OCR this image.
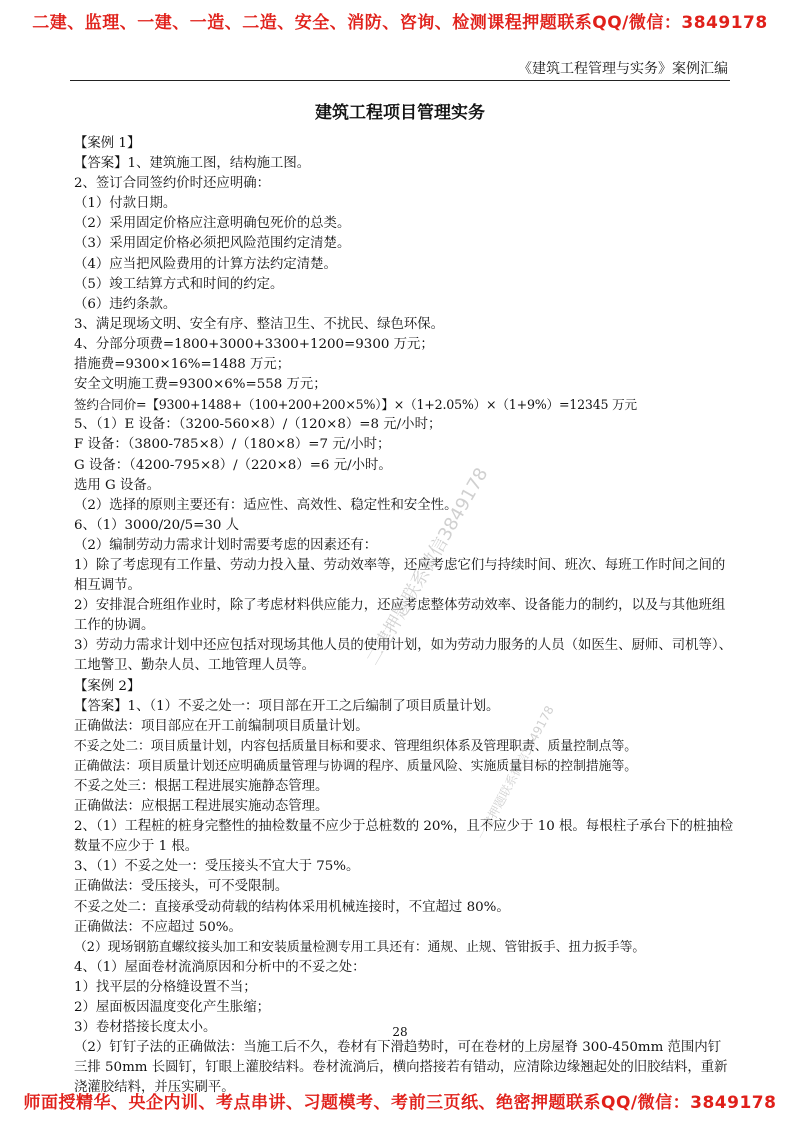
二建、监理、一建、一造、二造、安全、消防、咨询、检测课程押题联系QQ/微信：3849178
《建筑工程管理与实务》案例汇编
建筑工程项目管理实务
【案例 1】
【答案】1、建筑施工图，结构施工图。
2、签订合同签约价时还应明确：
（1）付款日期。
（2）采用固定价格应注意明确包死价的总类。
（3）采用固定价格必须把风险范围约定清楚。
（4）应当把风险费用的计算方法约定清楚。
（5）竣工结算方式和时间的约定。
（6）违约条款。
3、满足现场文明、安全有序、整洁卫生、不扰民、绿色环保。
4、分部分项费=1800+3000+3300+1200=9300 万元；
措施费=9300×16%=1488 万元；
安全文明施工费=9300×6%=558 万元；
签约合同价=【9300+1488+（100+200+200×5%）】×（1+2.05%）×（1+9%）=12345 万元
5、（1）E 设备：（3200-560×8）/（120×8）=8 元/小时；
F 设备：（3800-785×8）/（180×8）=7 元/小时；
G 设备：（4200-795×8）/（220×8）=6 元/小时。
选用 G 设备。
（2）选择的原则主要还有：适应性、高效性、稳定性和安全性。
6、（1）3000/20/5=30 人
（2）编制劳动力需求计划时需要考虑的因素还有：
1）除了考虑现有工作量、劳动力投入量、劳动效率等，还应考虑它们与持续时间、班次、每班工作时间之间的相互调节。
2）安排混合班组作业时，除了考虑材料供应能力，还应考虑整体劳动效率、设备能力的制约，以及与其他班组工作的协调。
3）劳动力需求计划中还应包括对现场其他人员的使用计划，如为劳动力服务的人员（如医生、厨师、司机等）、工地警卫、勤杂人员、工地管理人员等。
【案例 2】
【答案】1、（1）不妥之处一：项目部在开工之后编制了项目质量计划。
正确做法：项目部应在开工前编制项目质量计划。
不妥之处二：项目质量计划，内容包括质量目标和要求、管理组织体系及管理职责、质量控制点等。
正确做法：项目质量计划还应明确质量管理与协调的程序、质量风险、实施质量目标的控制措施等。
不妥之处三：根据工程进展实施静态管理。
正确做法：应根据工程进展实施动态管理。
2、（1）工程桩的桩身完整性的抽检数量不应少于总桩数的 20%，且不应少于 10 根。每根柱子承台下的桩抽检数量不应少于 1 根。
3、（1）不妥之处一：受压接头不宜大于 75%。
正确做法：受压接头，可不受限制。
不妥之处二：直接承受动荷载的结构体采用机械连接时，不宜超过 80%。
正确做法：不应超过 50%。
（2）现场钢筋直螺纹接头加工和安装质量检测专用工具还有：通规、止规、管钳扳手、扭力扳手等。
4、（1）屋面卷材流淌原因和分析中的不妥之处：
1）找平层的分格缝设置不当；
2）屋面板因温度变化产生胀缩；
3）卷材搭接长度太小。
（2）钉钉子法的正确做法：当施工后不久，卷材有下滑趋势时，可在卷材的上房屋脊 300-450mm 范围内钉三排 50mm 长圆钉，钉眼上灌胶结料。卷材流淌后，横向搭接若有错动，应清除边缘翘起处的旧胶结料，重新浇灌胶结料，并压实刷平。
二建押题联系微信3849178
一建押题联系微信3849178
28
师面授精华、央企内训、考点串讲、习题模考、考前三页纸、绝密押题联系QQ/微信：3849178
